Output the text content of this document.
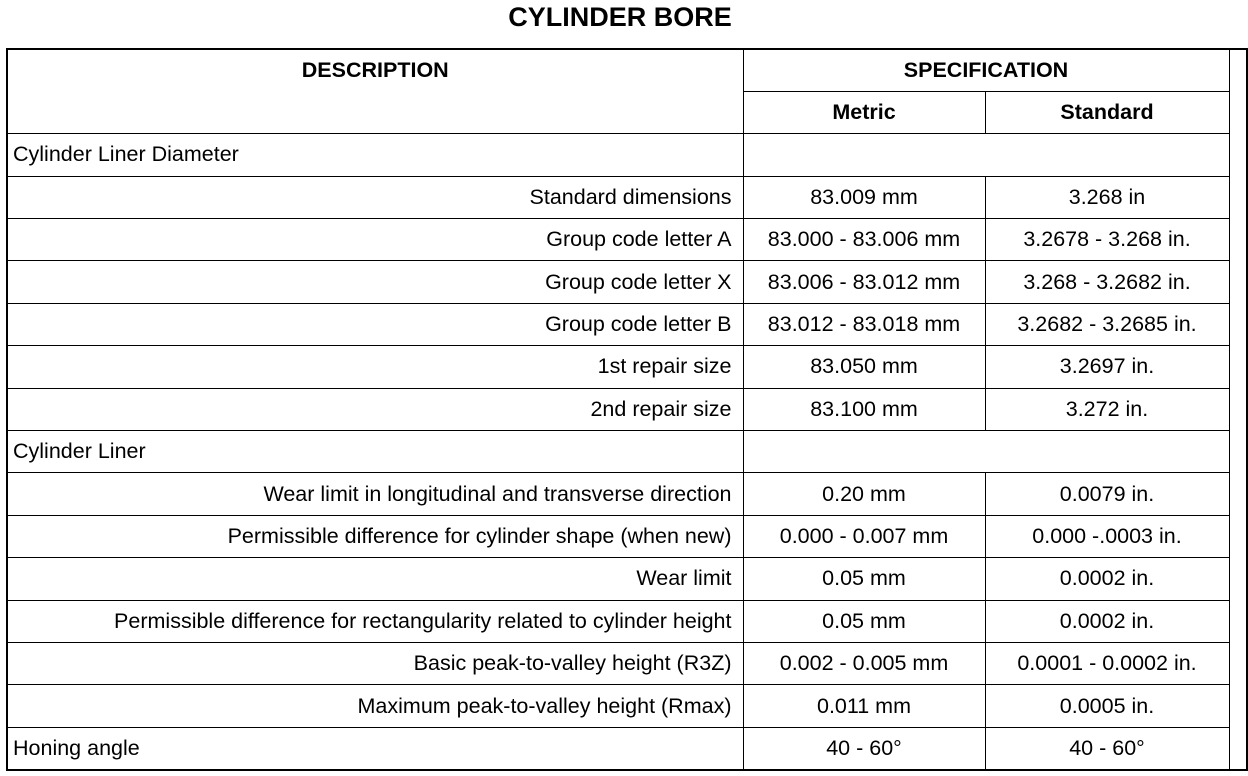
CYLINDER BORE
DESCRIPTION	SPECIFICATION		
	Metric	Standard	
Cylinder Liner Diameter			
Standard dimensions	83.009 mm	3.268 in	
Group code letter A	83.000 - 83.006 mm	3.2678 - 3.268 in.	
Group code letter X	83.006 - 83.012 mm	3.268 - 3.2682 in.	
Group code letter B	83.012 - 83.018 mm	3.2682 - 3.2685 in.	
1st repair size	83.050 mm	3.2697 in.	
2nd repair size	83.100 mm	3.272 in.	
Cylinder Liner			
Wear limit in longitudinal and transverse direction	0.20 mm	0.0079 in.	
Permissible difference for cylinder shape (when new)	0.000 - 0.007 mm	0.000 -.0003 in.	
Wear limit	0.05 mm	0.0002 in.	
Permissible difference for rectangularity related to cylinder height	0.05 mm	0.0002 in.	
Basic peak-to-valley height (R3Z)	0.002 - 0.005 mm	0.0001 - 0.0002 in.	
Maximum peak-to-valley height (Rmax)	0.011 mm	0.0005 in.	
Honing angle	40 - 60°	40 - 60°	
